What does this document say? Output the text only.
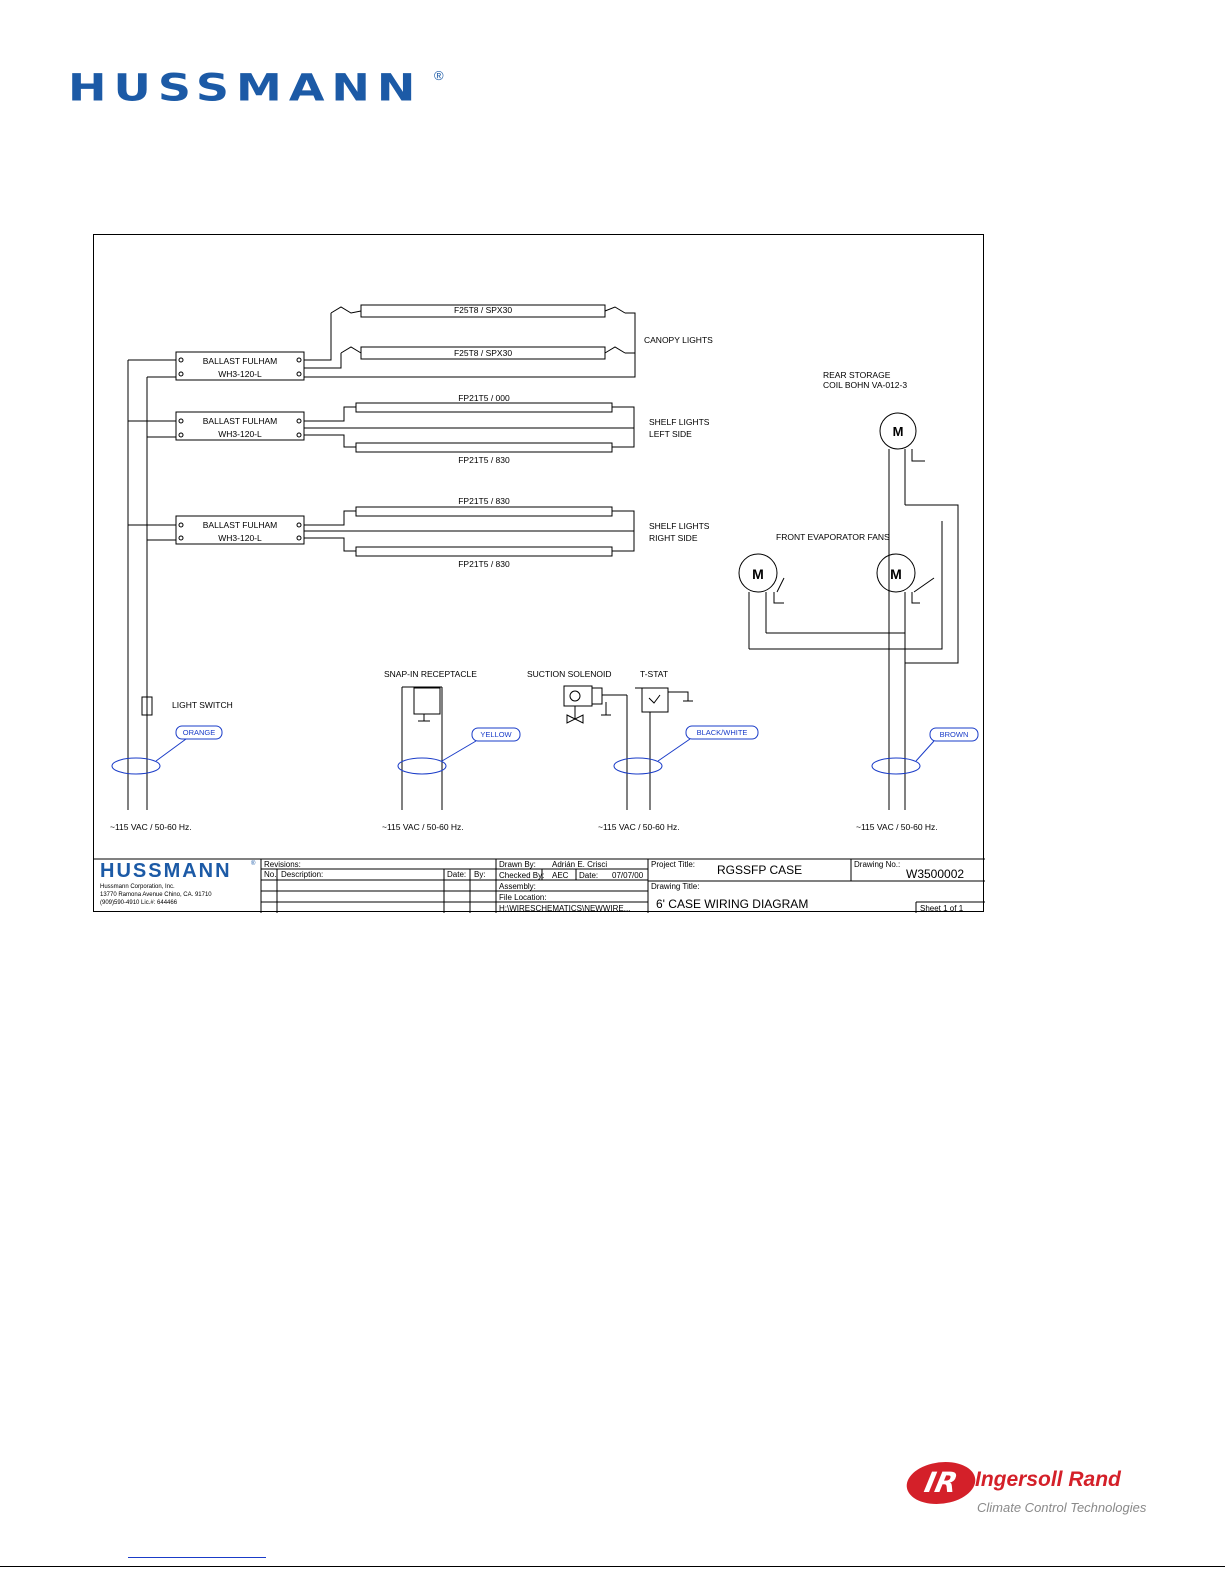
HUSSMANN ®
F25T8 / SPX30
F25T8 / SPX30
CANOPY LIGHTS
BALLAST FULHAM
WH3-120-L
BALLAST FULHAM
WH3-120-L
BALLAST FULHAM
WH3-120-L
FP21T5 / 000
FP21T5 / 830
SHELF LIGHTS
LEFT SIDE
FP21T5 / 830
FP21T5 / 830
SHELF LIGHTS
RIGHT SIDE
REAR STORAGE
COIL BOHN VA-012-3
M
FRONT EVAPORATOR FANS
M	M
LIGHT SWITCH
SNAP-IN RECEPTACLE	SUCTION SOLENOID	T-STAT
ORANGE	YELLOW	BLACK/WHITE	BROWN
~115 VAC / 50-60 Hz.	~115 VAC / 50-60 Hz.	~115 VAC / 50-60 Hz.	~115 VAC / 50-60 Hz.
HUSSMANN	®
Hussmann Corporation, Inc.
13770 Ramona Avenue Chino, CA. 91710
(909)590-4910 Lic.#: 644466
Revisions:
No. Description:	Date: By:
Drawn By: Adrián E. Crisci
Checked By: AEC Date: 07/07/00
Assembly:
File Location:
H:\WIRESCHEMATICS\NEWWIRE...
Project Title: RGSSFP CASE	Drawing No.:
W3500002
Drawing Title:
6' CASE WIRING DIAGRAM	Sheet 1 of 1
IR Ingersoll Rand
Climate Control Technologies
